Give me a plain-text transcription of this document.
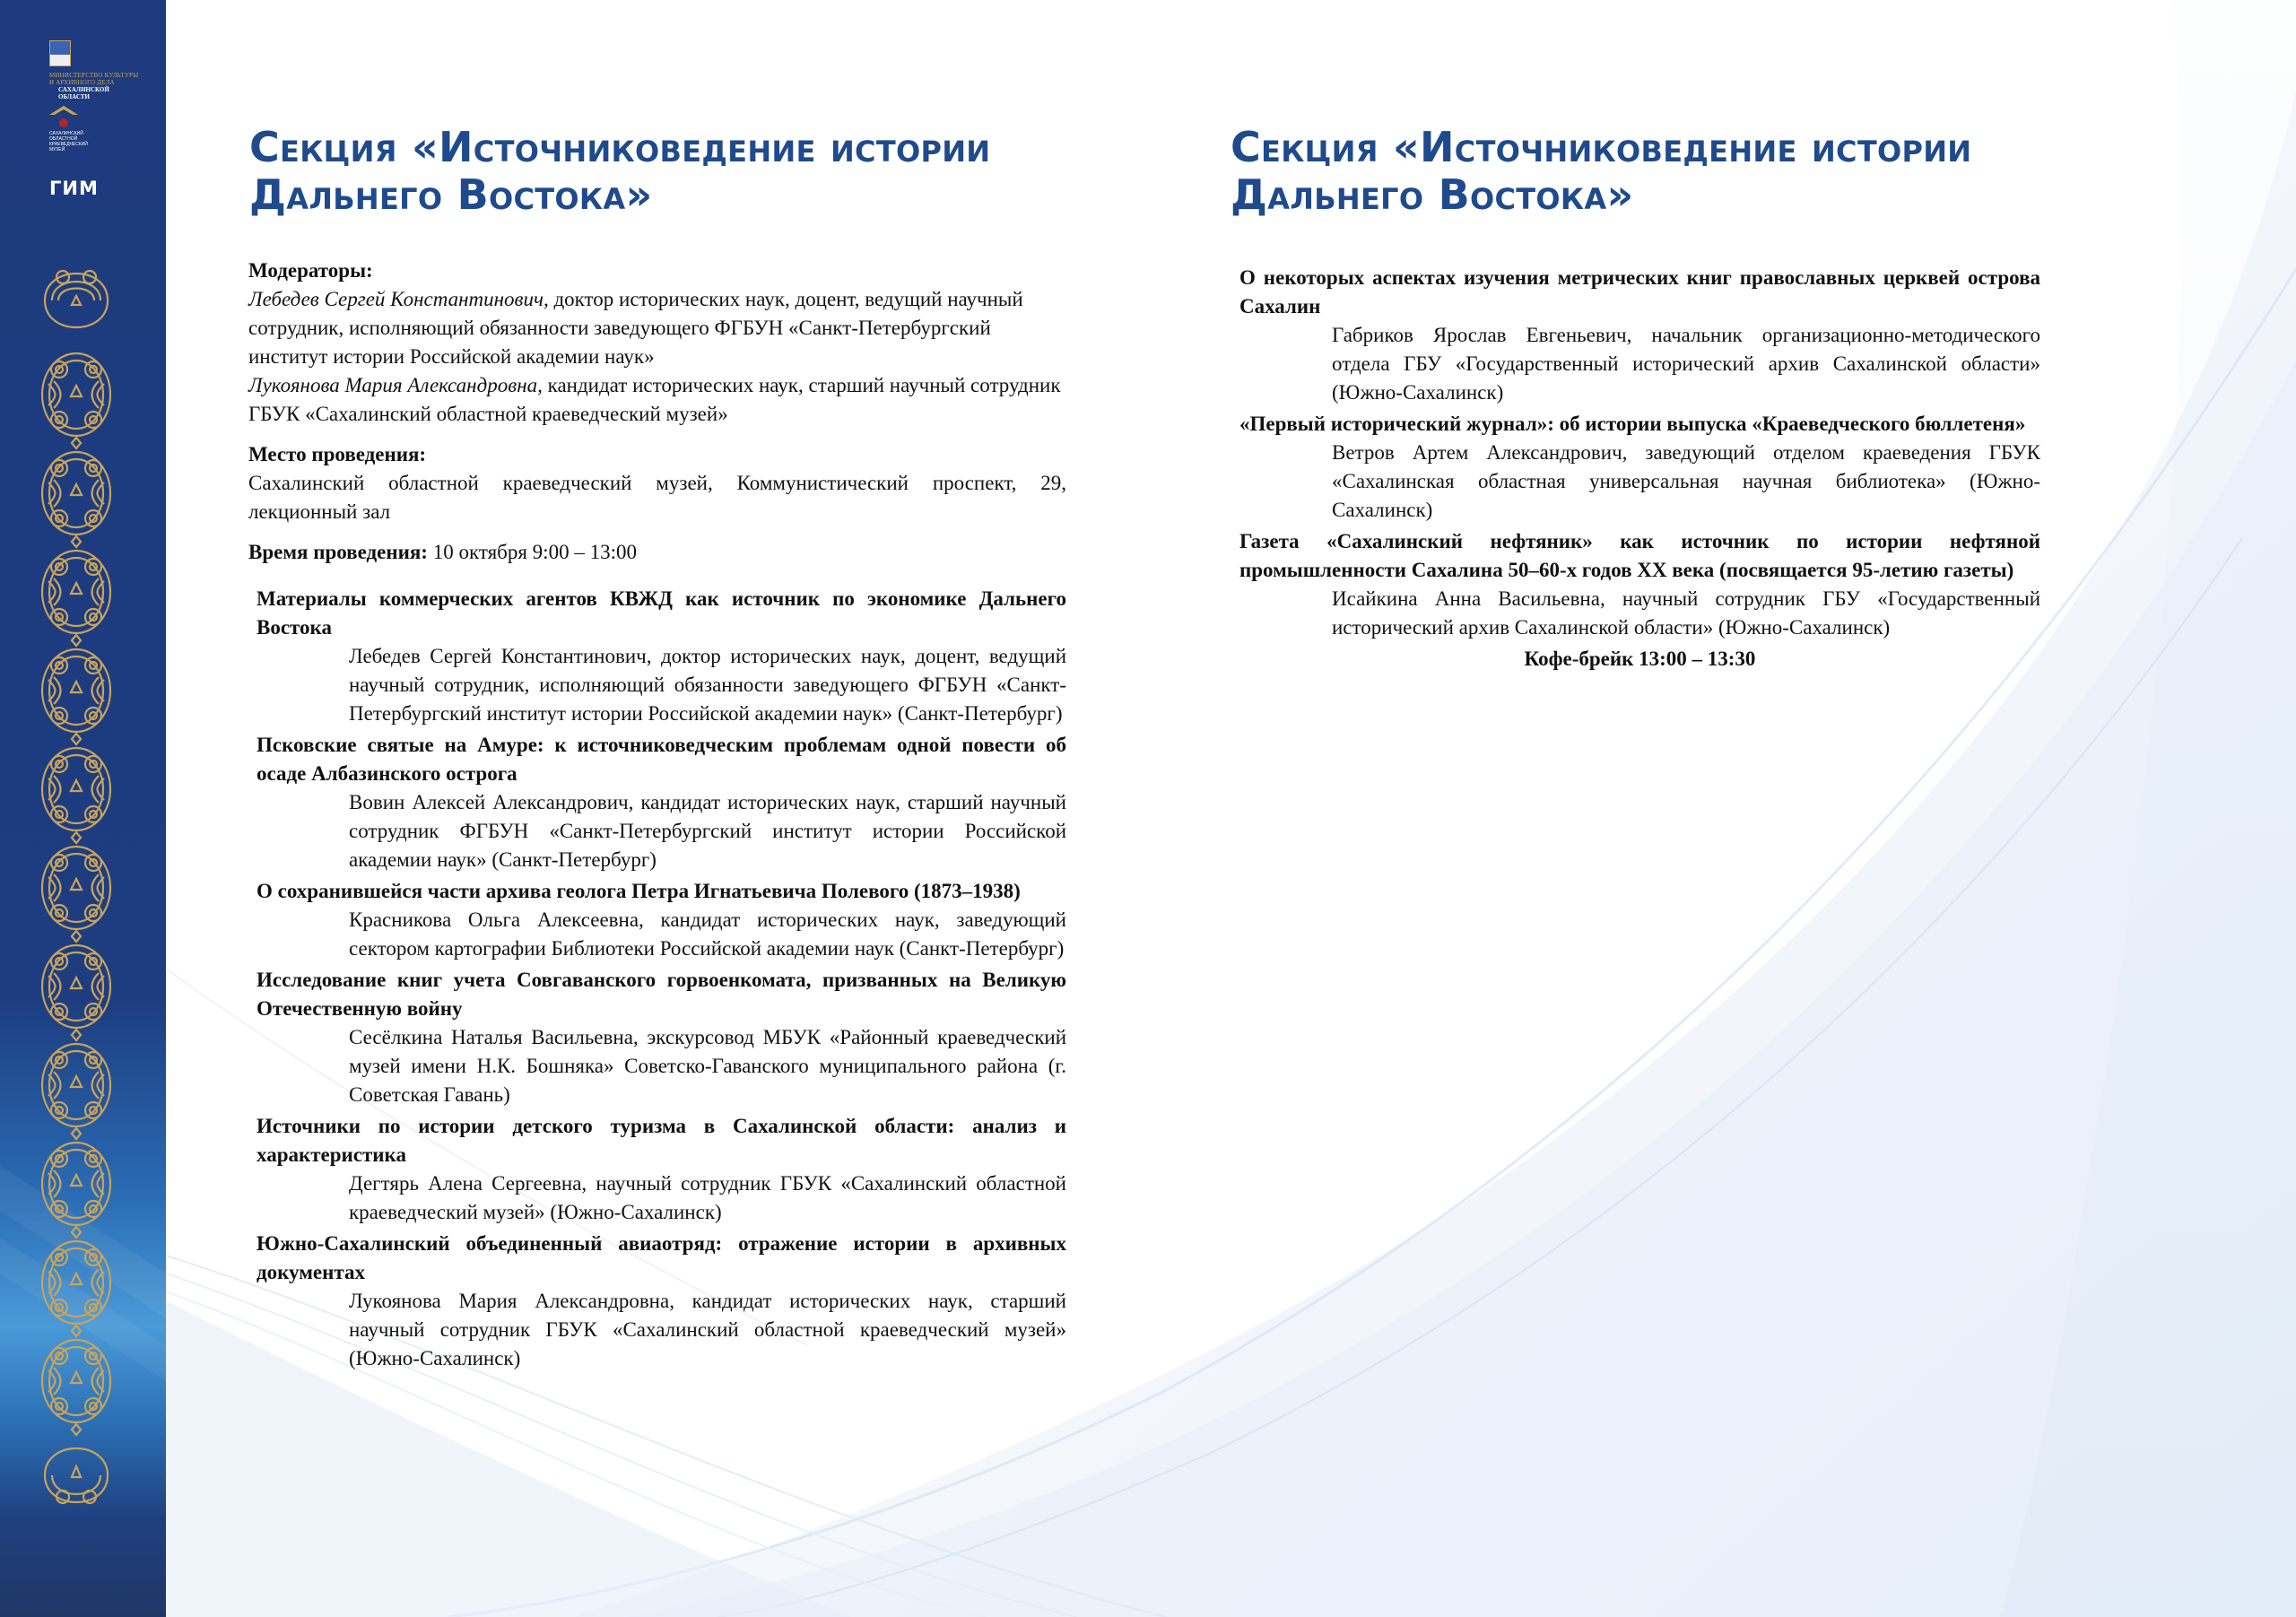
МИНИСТЕРСТВО КУЛЬТУРЫ
И АРХИВНОГО ДЕЛА
САХАЛИНСКОЙ
ОБЛАСТИ
САХАЛИНСКИЙ
ОБЛАСТНОЙ
КРАЕВЕДЧЕСКИЙ
МУЗЕЙ
ГИМ
Секция «Источниковедение истории Дальнего Востока»

Модераторы:

Лебедев Сергей Константинович, доктор исторических наук, доцент, ведущий научный сотрудник, исполняющий обязанности заведующего ФГБУН «Санкт-Петербургский институт истории Российской академии наук»

Лукоянова Мария Александровна, кандидат исторических наук, старший научный сотрудник ГБУК «Сахалинский областной краеведческий музей»

Место проведения:

Сахалинский областной краеведческий музей, Коммунистический проспект, 29, лекционный зал

Время проведения: 10 октября 9:00 – 13:00

Материалы коммерческих агентов КВЖД как источник по экономике Дальнего Востока

Лебедев Сергей Константинович, доктор исторических наук, доцент, ведущий научный сотрудник, исполняющий обязанности заведующего ФГБУН «Санкт-Петербургский институт истории Российской академии наук» (Санкт-Петербург)

Псковские святые на Амуре: к источниковедческим проблемам одной повести об осаде Албазинского острога

Вовин Алексей Александрович, кандидат исторических наук, старший научный сотрудник ФГБУН «Санкт-Петербургский институт истории Российской академии наук» (Санкт-Петербург)

О сохранившейся части архива геолога Петра Игнатьевича Полевого (1873–1938)

Красникова Ольга Алексеевна, кандидат исторических наук, заведующий сектором картографии Библиотеки Российской академии наук (Санкт-Петербург)

Исследование книг учета Совгаванского горвоенкомата, призванных на Великую Отечественную войну

Сесёлкина Наталья Васильевна, экскурсовод МБУК «Районный краеведческий музей имени Н.К. Бошняка» Советско-Гаванского муниципального района (г. Советская Гавань)

Источники по истории детского туризма в Сахалинской области: анализ и характеристика

Дегтярь Алена Сергеевна, научный сотрудник ГБУК «Сахалинский областной краеведческий музей» (Южно-Сахалинск)

Южно-Сахалинский объединенный авиаотряд: отражение истории в архивных документах

Лукоянова Мария Александровна, кандидат исторических наук, старший научный сотрудник ГБУК «Сахалинский областной краеведческий музей» (Южно-Сахалинск)

Секция «Источниковедение истории Дальнего Востока»

О некоторых аспектах изучения метрических книг православных церквей острова Сахалин

Габриков Ярослав Евгеньевич, начальник организационно-методического отдела ГБУ «Государственный исторический архив Сахалинской области» (Южно-Сахалинск)

«Первый исторический журнал»: об истории выпуска «Краеведческого бюллетеня»

Ветров Артем Александрович, заведующий отделом краеведения ГБУК «Сахалинская областная универсальная научная библиотека» (Южно-Сахалинск)

Газета «Сахалинский нефтяник» как источник по истории нефтяной промышленности Сахалина 50–60-х годов XX века (посвящается 95-летию газеты)

Исайкина Анна Васильевна, научный сотрудник ГБУ «Государственный исторический архив Сахалинской области» (Южно-Сахалинск)

Кофе-брейк 13:00 – 13:30
